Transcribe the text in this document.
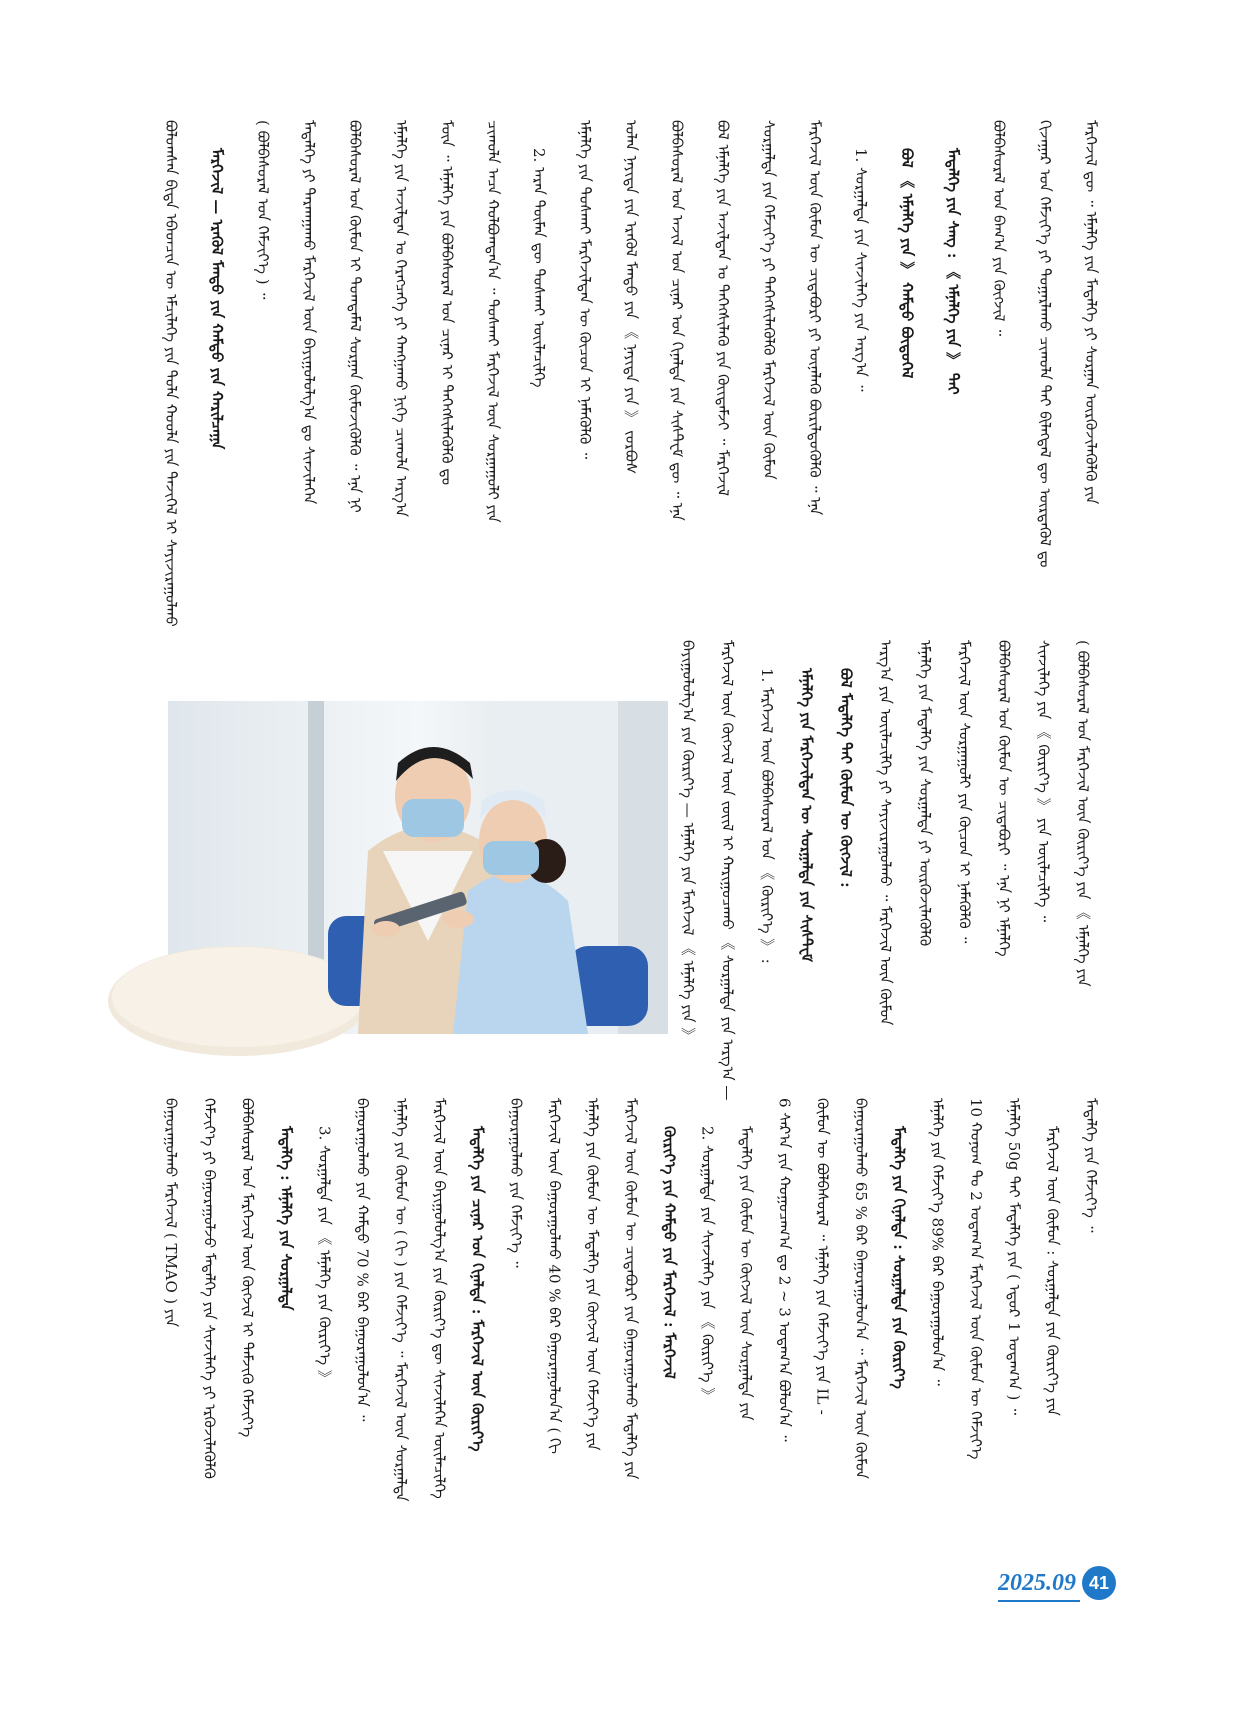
ᠪᠣᠯᠣᠭᠰᠠᠨ ᠪᠢᠳᠡ ᠡᠪᠡᠳᠴᠢᠨ ᠦ ᠡᠮᠴᠢᠯᠡᠭᠡ ᠶᠢᠨ ᠲᠤᠯᠠ ᠬᠣᠣᠯᠠ ᠶᠢᠨ ᠲᠡᠵᠢᠭᠡᠯ ᠢ ᠰᠠᠶᠢᠵᠢᠷᠠᠭᠤᠯᠬᠤ ᠮᠡᠷᠭᠡᠵᠢᠯ — ᠡᠷᠡᠭᠦᠯ ᠮᠡᠨᠳᠦ ᠶᠢᠨ ᠬᠠᠮᠲᠤ ᠶᠢᠨ ᠬᠠᠷᠢᠯᠴᠠᠭᠠ ( ᠪᠣᠯᠪᠠᠰᠤᠷᠠᠯ ᠤᠨ ᠬᠡᠮᠵᠢᠶ᠎ᠡ ) ᠃ ᠮᠡᠳᠡᠯᠭᠡ ᠶᠢ ᠲᠠᠷᠬᠠᠭᠠᠬᠤ ᠮᠡᠷᠭᠡᠵᠢᠯ ᠦᠨ ᠪᠠᠶᠢᠭᠤᠯᠤᠯᠭ᠎ᠠ ᠳᠤ ᠰᠢᠨᠵᠢᠯᠡᠭᠡᠨ ᠪᠣᠯᠪᠠᠰᠤᠷᠠᠯ ᠤᠨ ᠬᠦᠮᠦᠨ ᠢ ᠲᠣᠭᠲᠠᠮᠠᠯ ᠰᠤᠷᠭᠠᠨ ᠬᠦᠮᠦᠵᠢᠭᠦᠯᠬᠦ ᠃ ᠡᠨᠡ ᠨᠢ ᠡᠮᠨᠡᠯᠭᠡ ᠶᠢᠨ ᠠᠵᠢᠯᠲᠠᠨ ᠤ ᠬᠡᠷᠡᠭᠴᠡᠭᠡ ᠶᠢ ᠬᠠᠩᠭᠠᠬᠤ ᠨᠢᠭᠡ ᠴᠢᠬᠤᠯᠠ ᠠᠷᠭ᠎ᠠ ᠮᠥᠨ ᠃ ᠡᠮᠨᠡᠯᠭᠡ ᠶᠢᠨ ᠪᠣᠯᠪᠠᠰᠤᠷᠠᠯ ᠤᠨ ᠴᠢᠨᠠᠷ ᠢ ᠳᠡᠭᠡᠭᠰᠢᠯᠡᠭᠦᠯᠬᠦ ᠳᠤ ᠴᠢᠬᠤᠯᠠ ᠠᠴᠠ ᠬᠣᠯᠪᠣᠭᠳᠠᠨ᠎ᠠ ᠃ ᠲᠤᠰᠬᠠᠢ ᠮᠡᠷᠭᠡᠵᠢᠯ ᠦᠨ ᠰᠤᠷᠭᠠᠭᠤᠯᠢ ᠶᠢᠨ 2. ᠠᠷᠠᠨ ᠲᠦᠮᠡᠨ ᠳᠦ ᠲᠣᠰᠬᠠᠢ ᠦᠢᠯᠡᠴᠢᠯᠭᠡ ᠡᠮᠨᠡᠯᠭᠡ ᠶᠢᠨ ᠲᠤᠰᠬᠠᠢ ᠮᠡᠷᠭᠡᠵᠢᠯᠲᠡᠨ ᠦ ᠬᠦᠴᠦᠨ ᠢ ᠨᠡᠮᠡᠭᠦᠯᠬᠦ ᠃ ᠣᠯᠠᠨ ᠨᠡᠶᠢᠲᠡ ᠶᠢᠨ ᠡᠷᠡᠭᠦᠯ ᠮᠡᠨᠳᠦ ᠶᠢᠨ 《 ᠨᠡᠶᠢᠲᠡ ᠶᠢᠨ 》 ᠵᠤᠷᠪᠤᠰ ᠪᠣᠯᠪᠠᠰᠤᠷᠠᠯ ᠤᠨ ᠠᠵᠢᠯ ᠤᠨ ᠴᠢᠨᠠᠷ ᠤᠨ ᠬᠢᠨᠠᠯᠲᠠ ᠶᠢᠨ ᠰᠢᠰᠲ᠋ᠧᠮ ᠳᠦ ᠃ ᠡᠨᠡ ᠪᠣᠯ ᠡᠮᠨᠡᠯᠭᠡ ᠶᠢᠨ ᠠᠵᠢᠯᠲᠠᠨ ᠤ ᠳᠡᠭᠡᠭᠰᠢᠯᠡᠬᠦ ᠶᠢᠨ ᠬᠦᠢᠲᠡᠮᠵᠢ ᠃ ᠮᠡᠷᠭᠡᠵᠢᠯ ᠰᠤᠷᠭᠠᠯᠲᠠ ᠶᠢᠨ ᠬᠡᠮᠵᠢᠶ᠎ᠡ ᠶᠢ ᠳᠡᠭᠡᠭᠰᠢᠯᠡᠭᠦᠯᠬᠦ ᠮᠡᠷᠭᠡᠵᠢᠯ ᠦᠨ ᠬᠦᠮᠦᠨ ᠮᠡᠷᠭᠡᠵᠢᠯ ᠦᠨ ᠬᠦᠮᠦᠨ ᠦ ᠴᠢᠳᠠᠪᠤᠷᠢ ᠶᠢ ᠦᠨᠡᠯᠡᠬᠦ ᠪᠦᠷᠢᠯᠳᠦᠭᠦᠯᠬᠦ ᠃ ᠡᠨᠡ 1. ᠰᠤᠷᠭᠠᠯᠲᠠ ᠶᠢᠨ ᠰᠢᠨᠵᠢᠯᠡᠭᠡ ᠶᠢᠨ ᠠᠷᠭ᠎ᠠ ᠃ ᠪᠣᠯ 《 ᠡᠮᠨᠡᠯᠭᠡ ᠶᠢᠨ 》 ᠬᠠᠮᠲᠤ ᠪᠦᠲᠦᠭᠡᠯ ᠮᠡᠳᠡᠯᠭᠡ ᠶᠢᠨ ᠰᠠᠩ : 《 ᠡᠮᠨᠡᠯᠭᠡ ᠶᠢᠨ 》 ᠲᠠᠢ ᠪᠣᠯᠪᠠᠰᠤᠷᠠᠯ ᠤᠨ ᠪᠠᠭ᠎ᠠ ᠶᠢᠨ ᠬᠥᠭᠵᠢᠯ ᠃ ᠬᠢᠵᠠᠭᠠᠷ ᠤᠨ ᠬᠡᠮᠵᠢᠶ᠎ᠡ ᠶᠢ ᠲᠤᠭᠠᠷᠯᠠᠬᠤ ᠴᠢᠬᠤᠯᠠ ᠲᠠᠢ ᠪᠢᠯᠡᠭᠳᠡᠯ ᠳᠦ ᠦᠷᠳᠡᠭᠦᠯ ᠳᠤ ᠮᠡᠷᠭᠡᠵᠢᠯ ᠳᠦ ᠃ ᠡᠮᠨᠡᠯᠭᠡ ᠶᠢᠨ ᠮᠡᠳᠡᠯᠭᠡ ᠶᠢ ᠰᠤᠷᠭᠠᠨ ᠦᠷᠭᠦᠵᠢᠯᠡᠭᠦᠯᠬᠦ ᠶᠢᠨ
ᠪᠠᠭᠤᠷᠠᠭᠤᠯᠬᠤ ᠮᠡᠷᠭᠡᠵᠢᠯ ( TMAO ) ᠶᠢᠨ ᠬᠡᠮᠵᠢᠶ᠎ᠡ ᠶᠢ ᠪᠠᠭᠤᠷᠠᠭᠤᠯᠵᠤ ᠮᠡᠳᠡᠯᠭᠡ ᠶᠢᠨ ᠰᠢᠨᠵᠢᠯᠡᠭᠡ ᠶᠢ ᠡᠷᠭᠦᠵᠢᠯᠡᠭᠦᠯᠬᠦ ᠪᠣᠯᠪᠠᠰᠤᠷᠠᠯ ᠤᠨ ᠮᠡᠷᠭᠡᠵᠢᠯ ᠦᠨ ᠬᠥᠭᠵᠢᠯ ᠢ ᠳᠡᠮᠵᠢᠬᠦ ᠬᠡᠮᠵᠢᠶ᠎ᠡ ᠮᠡᠳᠡᠯᠭᠡ : ᠡᠮᠨᠡᠯᠭᠡ ᠶᠢᠨ ᠰᠤᠷᠭᠠᠯᠲᠠ 3. ᠰᠤᠷᠭᠠᠯᠲᠠ ᠶᠢᠨ 《 ᠡᠮᠨᠡᠯᠭᠡ ᠶᠢᠨ ᠬᠦᠷᠢᠶ᠎ᠡ 》 ᠪᠠᠭᠤᠷᠠᠭᠤᠯᠬᠤ ᠶᠢᠨ ᠬᠠᠮᠲᠤ 70 % ᠪᠠᠷ ᠪᠠᠭᠤᠷᠠᠭᠤᠯᠤᠨ᠎ᠠ ᠃ ᠡᠮᠨᠡᠯᠭᠡ ᠶᠢᠨ ᠬᠦᠮᠦᠨ ᠦ ( ᠬᠢ ) ᠶᠢᠨ ᠬᠡᠮᠵᠢᠶ᠎ᠡ ᠃ ᠮᠡᠷᠭᠡᠵᠢᠯ ᠦᠨ ᠰᠤᠷᠭᠠᠯᠲᠠ ᠮᠡᠷᠭᠡᠵᠢᠯ ᠦᠨ ᠪᠠᠶᠢᠭᠤᠯᠤᠯᠭ᠎ᠠ ᠶᠢᠨ ᠬᠦᠷᠢᠶ᠎ᠡ ᠳᠦ ᠰᠢᠨᠵᠢᠯᠡᠭᠡᠨ ᠦᠢᠯᠡᠴᠢᠯᠭᠡ ᠮᠡᠳᠡᠯᠭᠡ ᠶᠢᠨ ᠴᠢᠨᠠᠷ ᠤᠨ ᠬᠢᠨᠠᠯᠲᠠ : ᠮᠡᠷᠭᠡᠵᠢᠯ ᠦᠨ ᠬᠦᠷᠢᠶ᠎ᠡ ᠪᠠᠭᠤᠷᠠᠭᠤᠯᠬᠤ ᠶᠢᠨ ᠬᠡᠮᠵᠢᠶ᠎ᠡ ᠃ ᠮᠡᠷᠭᠡᠵᠢᠯ ᠦᠨ ᠪᠠᠭᠤᠷᠠᠭᠤᠯᠬᠤ 40 % ᠪᠠᠷ ᠪᠠᠭᠤᠷᠠᠭᠤᠯᠤᠨ᠎ᠠ ( ᠬᠢ ᠡᠮᠨᠡᠯᠭᠡ ᠶᠢᠨ ᠬᠦᠮᠦᠨ ᠦ ᠮᠡᠳᠡᠯᠭᠡ ᠶᠢᠨ ᠬᠥᠭᠵᠢᠯ ᠦᠨ ᠬᠡᠮᠵᠢᠶ᠎ᠡ ᠶᠢᠨ ᠮᠡᠷᠭᠡᠵᠢᠯ ᠦᠨ ᠬᠦᠮᠦᠨ ᠦ ᠴᠢᠳᠠᠪᠤᠷᠢ ᠶᠢᠨ ᠪᠠᠭᠤᠷᠠᠭᠤᠯᠬᠤ ᠮᠡᠳᠡᠯᠭᠡ ᠶᠢᠨ ᠬᠦᠷᠢᠶ᠎ᠡ ᠶᠢᠨ ᠬᠠᠮᠲᠤ ᠶᠢᠨ ᠮᠡᠷᠭᠡᠵᠢᠯ : ᠮᠡᠷᠭᠡᠵᠢᠯ 2. ᠰᠤᠷᠭᠠᠯᠲᠠ ᠶᠢᠨ ᠰᠢᠨᠵᠢᠯᠡᠭᠡ ᠶᠢᠨ 《 ᠬᠦᠷᠢᠶ᠎ᠡ 》 ᠮᠡᠳᠡᠯᠭᠡ ᠶᠢᠨ ᠬᠦᠮᠦᠨ ᠦ ᠬᠥᠭᠵᠢᠯ ᠦᠨ ᠰᠤᠷᠭᠠᠯᠲᠠ ᠶᠢᠨ 6 ᠰᠠᠷ᠎ᠠ ᠶᠢᠨ ᠬᠤᠭᠤᠴᠠᠭ᠎ᠠ ᠳᠤ 2 ~ 3 ᠤᠳᠠᠭ᠎ᠠ ᠪᠣᠯᠤᠨ᠎ᠠ ᠃ ᠬᠦᠮᠦᠨ ᠦ ᠪᠣᠯᠪᠠᠰᠤᠷᠠᠯ ᠃ ᠡᠮᠨᠡᠯᠭᠡ ᠶᠢᠨ ᠬᠡᠮᠵᠢᠶ᠎ᠡ ᠶᠢᠨ IL - ᠪᠠᠭᠤᠷᠠᠭᠤᠯᠬᠤ 65 % ᠪᠠᠷ ᠪᠠᠭᠤᠷᠠᠭᠤᠯᠤᠨ᠎ᠠ ᠃ ᠮᠡᠷᠭᠡᠵᠢᠯ ᠦᠨ ᠬᠦᠮᠦᠨ ᠮᠡᠳᠡᠯᠭᠡ ᠶᠢᠨ ᠬᠢᠨᠠᠯᠲᠠ : ᠰᠤᠷᠭᠠᠯᠲᠠ ᠶᠢᠨ ᠬᠦᠷᠢᠶ᠎ᠡ ᠡᠮᠨᠡᠯᠭᠡ ᠶᠢᠨ ᠬᠡᠮᠵᠢᠶ᠎ᠡ 89% ᠪᠠᠷ ᠪᠠᠭᠤᠷᠠᠭᠤᠯᠤᠨ᠎ᠠ ᠃ 10 ᠬᠣᠨᠣᠭ ᠲᠤ 2 ᠤᠳᠠᠭ᠎ᠠ ᠮᠡᠷᠭᠡᠵᠢᠯ ᠦᠨ ᠬᠦᠮᠦᠨ ᠦ ᠬᠡᠮᠵᠢᠶ᠎ᠡ ᠡᠮᠨᠡᠯᠭᠡ 50g ᠲᠠᠢ ᠮᠡᠳᠡᠯᠭᠡ ᠶᠢᠨ ( ᠡᠳᠦᠷ 1 ᠤᠳᠠᠭ᠎ᠠ ) ᠃ ᠮᠡᠷᠭᠡᠵᠢᠯ ᠦᠨ ᠬᠦᠮᠦᠨ : ᠰᠤᠷᠭᠠᠯᠲᠠ ᠶᠢᠨ ᠬᠦᠷᠢᠶ᠎ᠡ ᠶᠢᠨ ᠮᠡᠳᠡᠯᠭᠡ ᠶᠢᠨ ᠬᠡᠮᠵᠢᠶ᠎ᠡ ᠃
2025.09 41
ᠪᠠᠶᠢᠭᠤᠯᠤᠯᠭ᠎ᠠ ᠶᠢᠨ ᠬᠦᠷᠢᠶ᠎ᠡ — ᠡᠮᠨᠡᠯᠭᠡ ᠶᠢᠨ ᠮᠡᠷᠭᠡᠵᠢᠯ 《 ᠡᠮᠨᠡᠯᠭᠡ ᠶᠢᠨ 》 ᠮᠡᠷᠭᠡᠵᠢᠯ ᠦᠨ ᠬᠥᠭᠵᠢᠯ ᠦᠨ ᠵᠦᠢᠯ ᠢ ᠬᠠᠷᠢᠭᠤᠴᠠᠬᠤ 《 ᠰᠤᠷᠭᠠᠯᠲᠠ ᠶᠢᠨ ᠠᠷᠭ᠎ᠠ — 1. ᠮᠡᠷᠭᠡᠵᠢᠯ ᠦᠨ ᠪᠣᠯᠪᠠᠰᠤᠷᠠᠯ ᠤᠨ 《 ᠬᠦᠷᠢᠶ᠎ᠡ 》 : ᠡᠮᠨᠡᠯᠭᠡ ᠶᠢᠨ ᠮᠡᠷᠭᠡᠵᠢᠯᠲᠡᠨ ᠦ ᠰᠤᠷᠭᠠᠯᠲᠠ ᠶᠢᠨ ᠰᠢᠰᠲ᠋ᠧᠮ ᠪᠣᠯ ᠮᠡᠳᠡᠯᠭᠡ ᠲᠠᠢ ᠬᠦᠮᠦᠨ ᠦ ᠬᠥᠭᠵᠢᠯ : ᠠᠷᠭ᠎ᠠ ᠶᠢᠨ ᠦᠢᠯᠡᠴᠢᠯᠭᠡ ᠶᠢ ᠰᠠᠶᠢᠵᠢᠷᠠᠭᠤᠯᠬᠤ ᠃ ᠮᠡᠷᠭᠡᠵᠢᠯ ᠦᠨ ᠬᠦᠮᠦᠨ ᠡᠮᠨᠡᠯᠭᠡ ᠶᠢᠨ ᠮᠡᠳᠡᠯᠭᠡ ᠶᠢᠨ ᠰᠤᠷᠭᠠᠯᠲᠠ ᠶᠢ ᠦᠷᠭᠦᠵᠢᠯᠡᠭᠦᠯᠬᠦ ᠮᠡᠷᠭᠡᠵᠢᠯ ᠦᠨ ᠰᠤᠷᠭᠠᠭᠤᠯᠢ ᠶᠢᠨ ᠬᠦᠴᠦᠨ ᠢ ᠨᠡᠮᠡᠭᠦᠯᠬᠦ ᠃ ᠪᠣᠯᠪᠠᠰᠤᠷᠠᠯ ᠤᠨ ᠬᠦᠮᠦᠨ ᠦ ᠴᠢᠳᠠᠪᠤᠷᠢ ᠃ ᠡᠨᠡ ᠨᠢ ᠡᠮᠨᠡᠯᠭᠡ ᠰᠢᠨᠵᠢᠯᠡᠭᠡ ᠶᠢᠨ 《 ᠬᠦᠷᠢᠶ᠎ᠡ 》 ᠶᠢᠨ ᠦᠢᠯᠡᠴᠢᠯᠭᠡ ᠃ ( ᠪᠣᠯᠪᠠᠰᠤᠷᠠᠯ ᠤᠨ ᠮᠡᠷᠭᠡᠵᠢᠯ ᠦᠨ ᠬᠦᠷᠢᠶ᠎ᠡ ᠶᠢᠨ 《 ᠡᠮᠨᠡᠯᠭᠡ ᠶᠢᠨ
